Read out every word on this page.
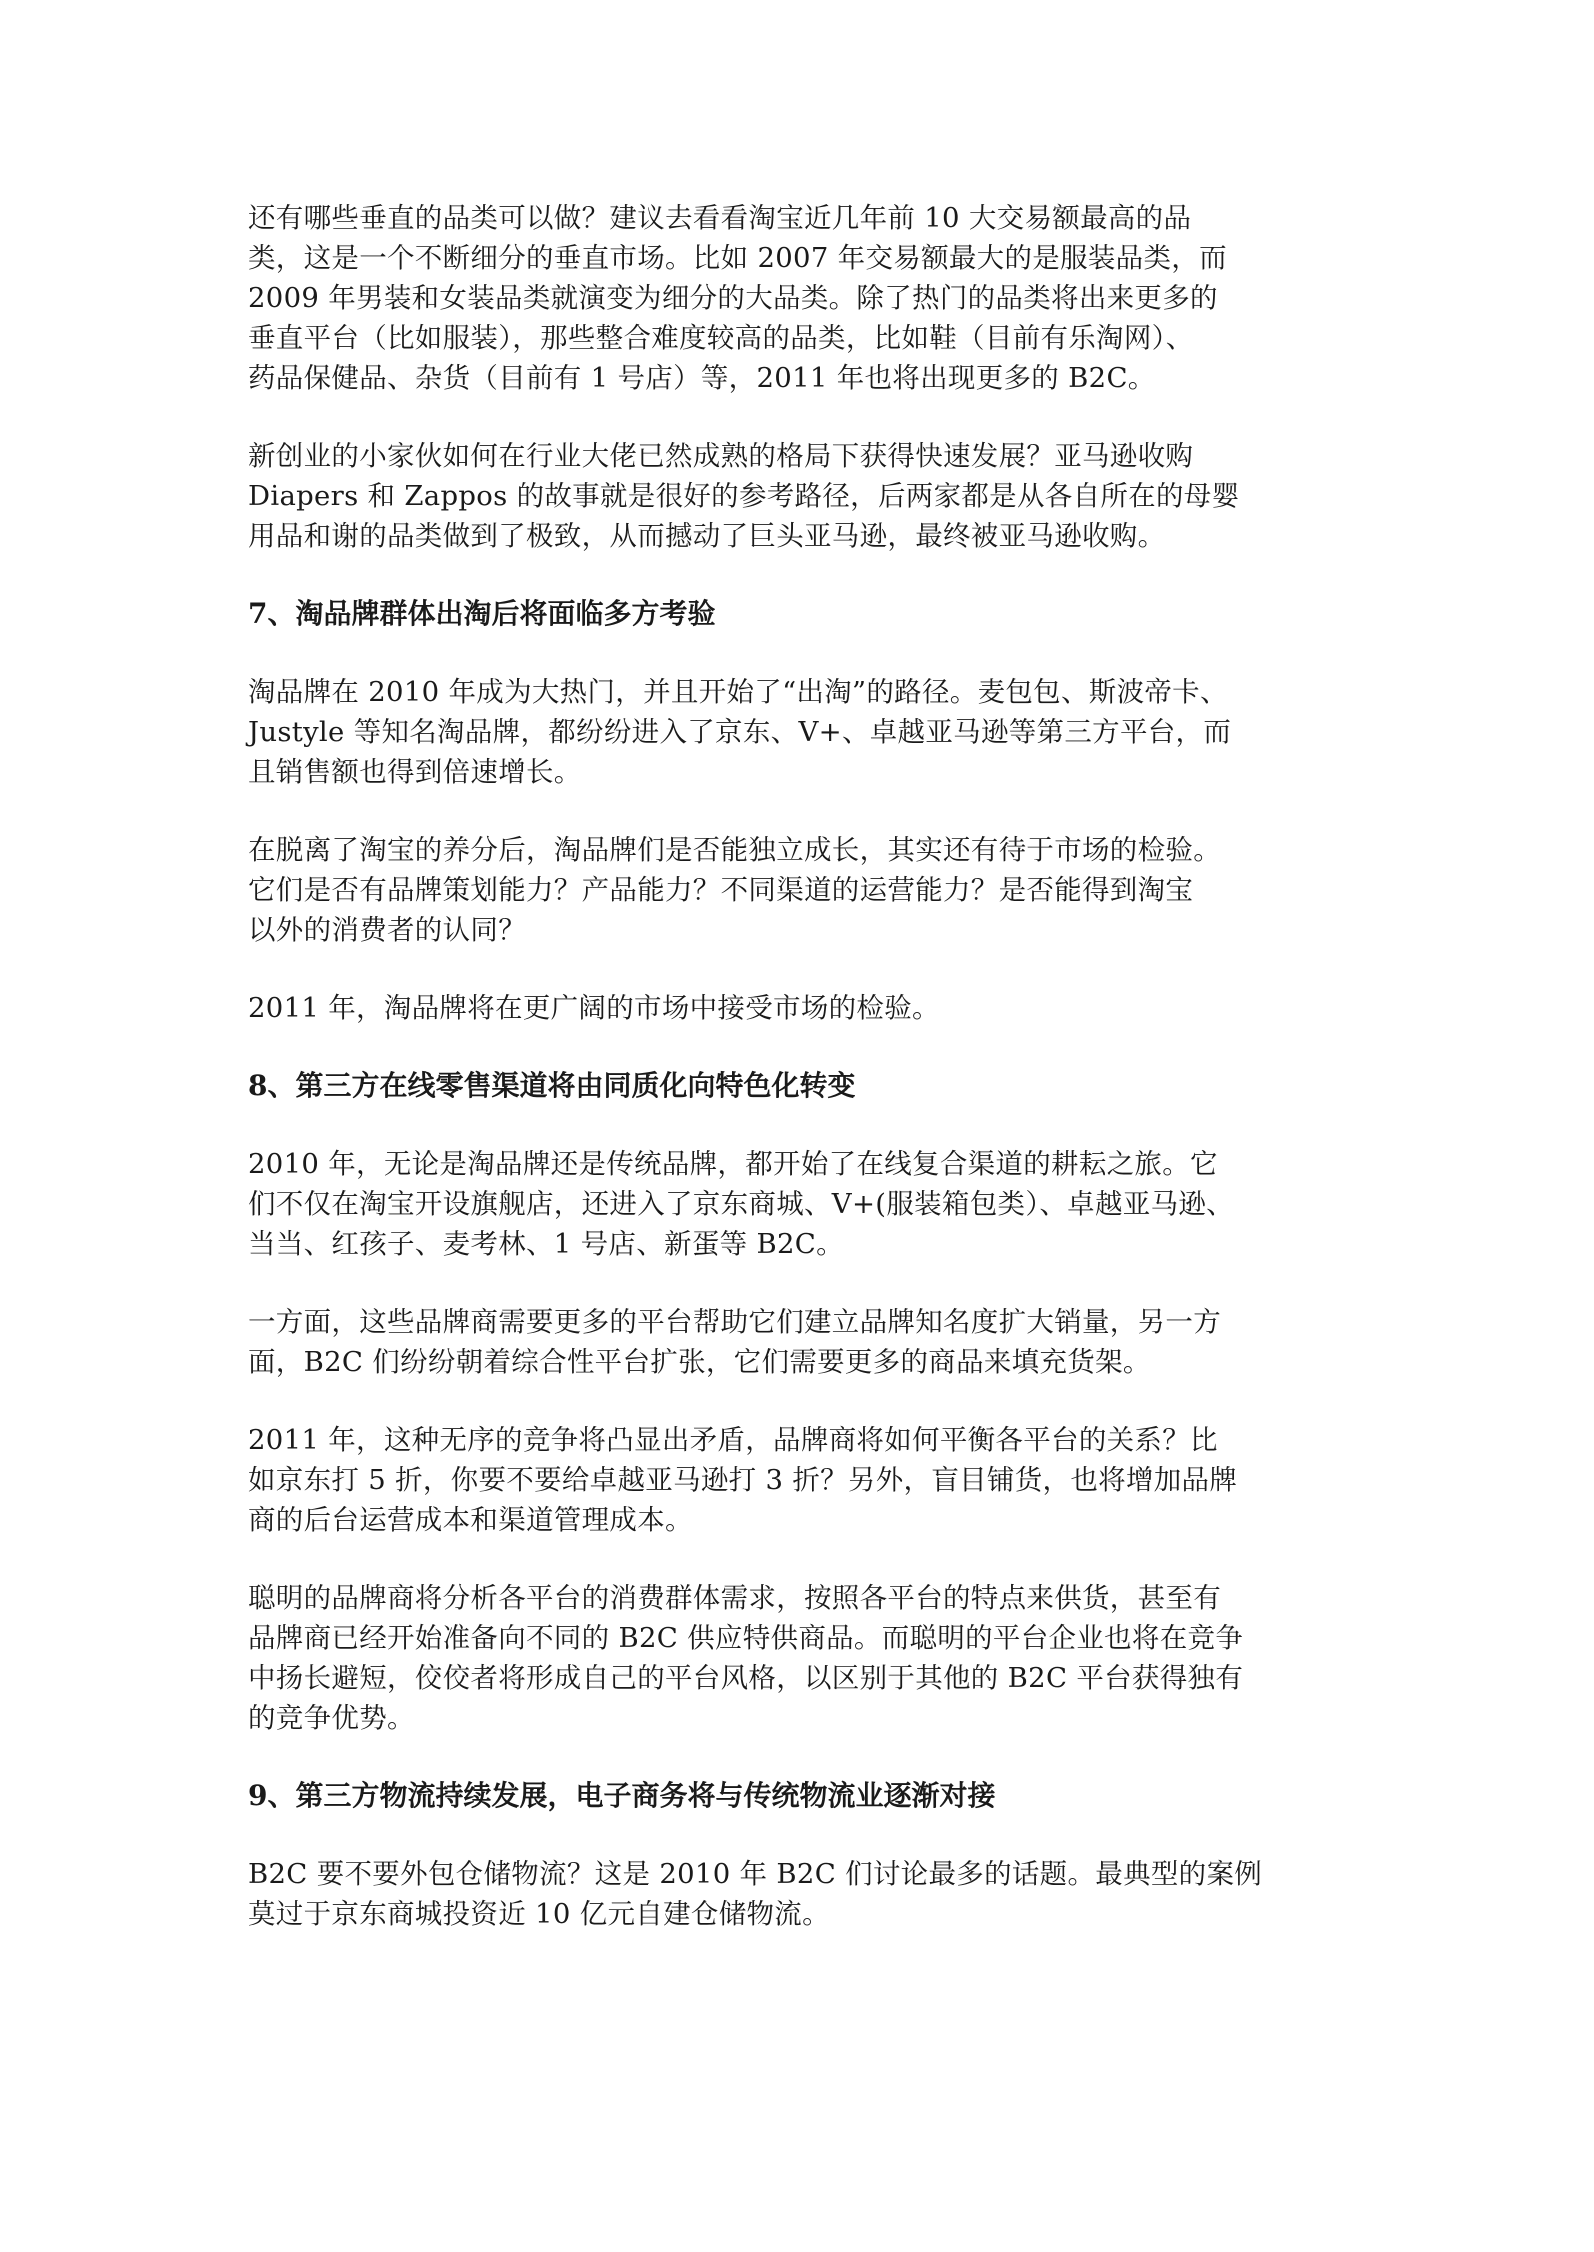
还有哪些垂直的品类可以做？建议去看看淘宝近几年前 10 大交易额最高的品
类，这是一个不断细分的垂直市场。比如 2007 年交易额最大的是服装品类，而
2009 年男装和女装品类就演变为细分的大品类。除了热门的品类将出来更多的
垂直平台（比如服装），那些整合难度较高的品类，比如鞋（目前有乐淘网）、
药品保健品、杂货（目前有 1 号店）等，2011 年也将出现更多的 B2C。

新创业的小家伙如何在行业大佬已然成熟的格局下获得快速发展？亚马逊收购
Diapers 和 Zappos 的故事就是很好的参考路径，后两家都是从各自所在的母婴
用品和谢的品类做到了极致，从而撼动了巨头亚马逊，最终被亚马逊收购。

7、淘品牌群体出淘后将面临多方考验

淘品牌在 2010 年成为大热门，并且开始了“出淘”的路径。麦包包、斯波帝卡、
Justyle 等知名淘品牌，都纷纷进入了京东、V+、卓越亚马逊等第三方平台，而
且销售额也得到倍速增长。

在脱离了淘宝的养分后，淘品牌们是否能独立成长，其实还有待于市场的检验。
它们是否有品牌策划能力？产品能力？不同渠道的运营能力？是否能得到淘宝
以外的消费者的认同？

2011 年，淘品牌将在更广阔的市场中接受市场的检验。

8、第三方在线零售渠道将由同质化向特色化转变

2010 年，无论是淘品牌还是传统品牌，都开始了在线复合渠道的耕耘之旅。它
们不仅在淘宝开设旗舰店，还进入了京东商城、V+(服装箱包类）、卓越亚马逊、
当当、红孩子、麦考林、1 号店、新蛋等 B2C。

一方面，这些品牌商需要更多的平台帮助它们建立品牌知名度扩大销量，另一方
面，B2C 们纷纷朝着综合性平台扩张，它们需要更多的商品来填充货架。

2011 年，这种无序的竞争将凸显出矛盾，品牌商将如何平衡各平台的关系？比
如京东打 5 折，你要不要给卓越亚马逊打 3 折？另外，盲目铺货，也将增加品牌
商的后台运营成本和渠道管理成本。

聪明的品牌商将分析各平台的消费群体需求，按照各平台的特点来供货，甚至有
品牌商已经开始准备向不同的 B2C 供应特供商品。而聪明的平台企业也将在竞争
中扬长避短，佼佼者将形成自己的平台风格，以区别于其他的 B2C 平台获得独有
的竞争优势。

9、第三方物流持续发展，电子商务将与传统物流业逐渐对接

B2C 要不要外包仓储物流？这是 2010 年 B2C 们讨论最多的话题。最典型的案例
莫过于京东商城投资近 10 亿元自建仓储物流。
